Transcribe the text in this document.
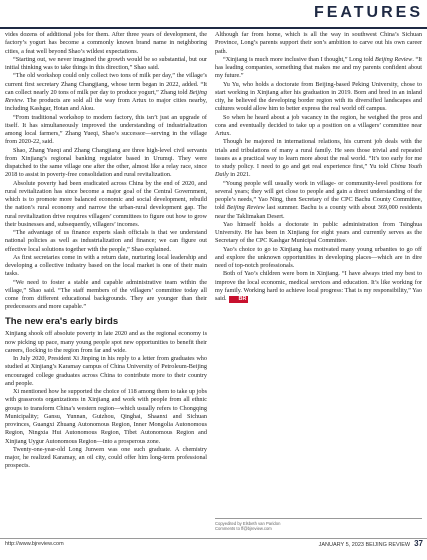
FEATURES

vides dozens of additional jobs for them. After three years of development, the factory’s yogurt has become a commonly known brand name in neighboring cities, a feat well beyond Shao’s wildest expectations.

“Starting out, we never imagined the growth would be so substantial, but our initial thinking was to take things in this direction,” Shao said.

“The old workshop could only collect two tons of milk per day,” the village’s current first secretary Zhang Changjiang, whose term began in 2022, added. “It can collect nearly 20 tons of milk per day to produce yogurt,” Zhang told Beijing Review. The products are sold all the way from Artux to major cities nearby, including Kashgar, Hotan and Aksu.

“From traditional workshop to modern factory, this isn’t just an upgrade of itself. It has simultaneously improved the understanding of industrialization among local farmers,” Zhang Yueqi, Shao’s successor—serving in the village from 2020-22, said.

Shao, Zhang Yueqi and Zhang Changjiang are three high-level civil servants from Xinjiang’s regional banking regulator based in Urumqi. They were dispatched to the same village one after the other, almost like a relay race, since 2018 to assist in poverty-free consolidation and rural revitalization.

Absolute poverty had been eradicated across China by the end of 2020, and rural revitalization has since become a major goal of the Central Government, which is to promote more balanced economic and social development, rebuild the nation’s rural economy and narrow the urban-rural development gap. The rural revitalization drive requires villagers’ committees to figure out how to grow their businesses and, subsequently, villagers’ incomes.

“The advantage of us finance experts slash officials is that we understand national policies as well as industrialization and finance; we can figure out effective local solutions together with the people,” Shao explained.

As first secretaries come in with a return date, nurturing local leadership and developing a collective industry based on the local market is one of their main tasks.

“We need to foster a stable and capable administrative team within the village,” Shao said. “The staff members of the villagers’ committee today all come from different educational backgrounds. They are younger than their predecessors and more capable.”

The new era's early birds

Xinjiang shook off absolute poverty in late 2020 and as the regional economy is now picking up pace, many young people spot new opportunities to benefit their careers, flocking to the region from far and wide.

In July 2020, President Xi Jinping in his reply to a letter from graduates who studied at Xinjiang’s Karamay campus of China University of Petroleum-Beijing encouraged college graduates across China to contribute more to their country and people.

Xi mentioned how he supported the choice of 118 among them to take up jobs with grassroots organizations in Xinjiang and work with people from all ethnic groups to transform China’s western region—which usually refers to Chongqing Municipality; Gansu, Yunnan, Guizhou, Qinghai, Shaanxi and Sichuan provinces, Guangxi Zhuang Autonomous Region, Inner Mongolia Autonomous Region, Ningxia Hui Autonomous Region, Tibet Autonomous Region and Xinjiang Uygur Autonomous Region—into a prosperous zone.

Twenty-one-year-old Long Junwen was one such graduate. A chemistry major, he realized Karamay, an oil city, could offer him long-term professional prospects.

Although far from home, which is all the way in southwest China’s Sichuan Province, Long’s parents support their son’s ambition to carve out his own career path.

“Xinjiang is much more inclusive than I thought,” Long told Beijing Review. “It has leading companies, something that makes me and my parents confident about my future.”

Yu Yu, who holds a doctorate from Beijing-based Peking University, chose to start working in Xinjiang after his graduation in 2019. Born and bred in an inland city, he believed the developing border region with its diversified landscapes and cultures would allow him to better express the real world off campus.

So when he heard about a job vacancy in the region, he weighed the pros and cons and eventually decided to take up a position on a villagers’ committee near Artux.

Though he majored in international relations, his current job deals with the trials and tribulations of many a rural family. He sees those trivial and repeated issues as a practical way to learn more about the real world. “It’s too early for me to study policy. I need to go and get real experience first,” Yu told China Youth Daily in 2021.

“Young people will usually work in village- or community-level positions for several years; they will get close to people and gain a direct understanding of the people’s needs,” Yao Ning, then Secretary of the CPC Bachu County Committee, told Beijing Review last summer. Bachu is a county with about 369,000 residents near the Taklimakan Desert.

Yao himself holds a doctorate in public administration from Tsinghua University. He has been in Xinjiang for eight years and currently serves as the Secretary of the CPC Kashgar Municipal Committee.

Yao’s choice to go to Xinjiang has motivated many young urbanites to go off and explore the unknown opportunities in developing places—which are in dire need of top-notch professionals.

Both of Yao’s children were born in Xinjiang. “I have always tried my best to improve the local economic, medical services and education. It’s like working for my family. Working hard to achieve local progress: That is my responsibility,” Yao said. BR

Copyedited by Elsbeth van Paridon
Comments to ff@bjreview.com
http://www.bjreview.com	JANUARY 5, 2023 BEIJING REVIEW 37
